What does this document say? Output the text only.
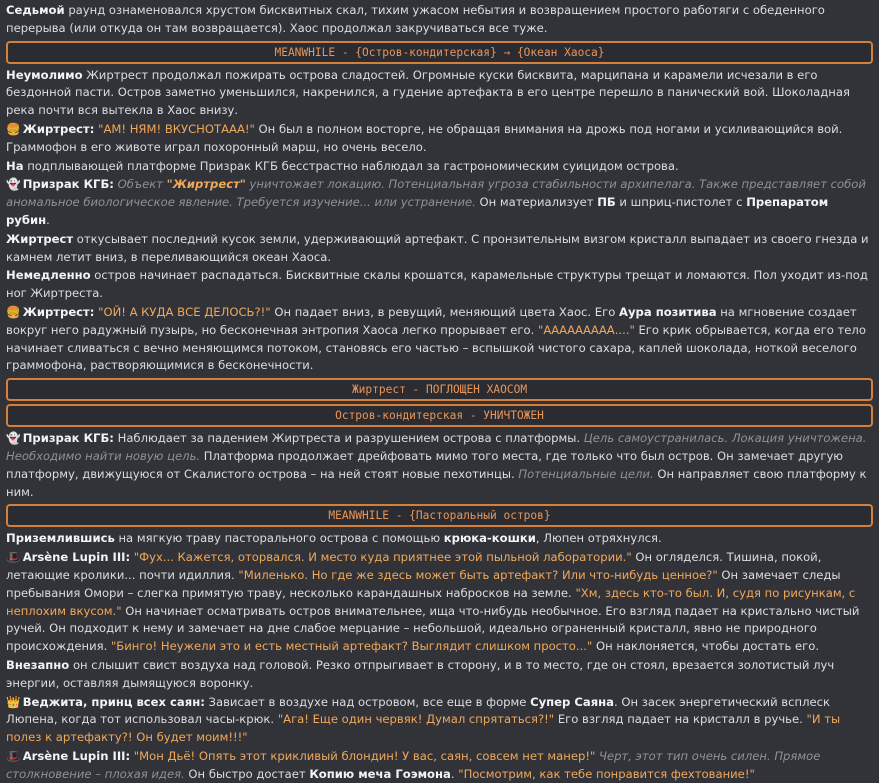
Седьмой раунд ознаменовался хрустом бисквитных скал, тихим ужасом небытия и возвращением простого работяги с обеденного перерыва (или откуда он там возвращается). Хаос продолжал закручиваться все туже.

MEANWHILE - {Остров-кондитерская} → {Океан Хаоса}

Неумолимо Жиртрест продолжал пожирать острова сладостей. Огромные куски бисквита, марципана и карамели исчезали в его бездонной пасти. Остров заметно уменьшился, накренился, а гудение артефакта в его центре перешло в панический вой. Шоколадная река почти вся вытекла в Хаос внизу.

🍔 Жиртрест: "АМ! НЯМ! ВКУСНОТААА!" Он был в полном восторге, не обращая внимания на дрожь под ногами и усиливающийся вой. Граммофон в его животе играл похоронный марш, но очень весело.

На подплывающей платформе Призрак КГБ бесстрастно наблюдал за гастрономическим суицидом острова.

👻 Призрак КГБ: Объект "Жиртрест" уничтожает локацию. Потенциальная угроза стабильности архипелага. Также представляет собой аномальное биологическое явление. Требуется изучение... или устранение. Он материализует ПБ и шприц-пистолет с Препаратом рубин.

Жиртрест откусывает последний кусок земли, удерживающий артефакт. С пронзительным визгом кристалл выпадает из своего гнезда и камнем летит вниз, в переливающийся океан Хаоса.

Немедленно остров начинает распадаться. Бисквитные скалы крошатся, карамельные структуры трещат и ломаются. Пол уходит из-под ног Жиртреста.

🍔 Жиртрест: "ОЙ! А КУДА ВСЕ ДЕЛОСЬ?!" Он падает вниз, в ревущий, меняющий цвета Хаос. Его Аура позитива на мгновение создает вокруг него радужный пузырь, но бесконечная энтропия Хаоса легко прорывает его. "ААААААААА...." Его крик обрывается, когда его тело начинает сливаться с вечно меняющимся потоком, становясь его частью – вспышкой чистого сахара, каплей шоколада, ноткой веселого граммофона, растворяющимися в бесконечности.

Жиртрест - ПОГЛОЩЕН ХАОСОМ
Остров-кондитерская - УНИЧТОЖЕН

👻 Призрак КГБ: Наблюдает за падением Жиртреста и разрушением острова с платформы. Цель самоустранилась. Локация уничтожена. Необходимо найти новую цель. Платформа продолжает дрейфовать мимо того места, где только что был остров. Он замечает другую платформу, движущуюся от Скалистого острова – на ней стоят новые пехотинцы. Потенциальные цели. Он направляет свою платформу к ним.

MEANWHILE - {Пасторальный остров}

Приземлившись на мягкую траву пасторального острова с помощью крюка-кошки, Люпен отряхнулся.

🎩 Arsène Lupin III: "Фух... Кажется, оторвался. И место куда приятнее этой пыльной лаборатории." Он огляделся. Тишина, покой, летающие кролики... почти идиллия. "Миленько. Но где же здесь может быть артефакт? Или что-нибудь ценное?" Он замечает следы пребывания Омори – слегка примятую траву, несколько карандашных набросков на земле. "Хм, здесь кто-то был. И, судя по рисункам, с неплохим вкусом." Он начинает осматривать остров внимательнее, ища что-нибудь необычное. Его взгляд падает на кристально чистый ручей. Он подходит к нему и замечает на дне слабое мерцание – небольшой, идеально ограненный кристалл, явно не природного происхождения. "Бинго! Неужели это и есть местный артефакт? Выглядит слишком просто..." Он наклоняется, чтобы достать его.

Внезапно он слышит свист воздуха над головой. Резко отпрыгивает в сторону, и в то место, где он стоял, врезается золотистый луч энергии, оставляя дымящуюся воронку.

👑 Веджита, принц всех саян: Зависает в воздухе над островом, все еще в форме Супер Саяна. Он засек энергетический всплеск Люпена, когда тот использовал часы-крюк. "Ага! Еще один червяк! Думал спрятаться?!" Его взгляд падает на кристалл в ручье. "И ты полез к артефакту?! Он будет моим!!!"

🎩 Arsène Lupin III: "Мон Дьё! Опять этот крикливый блондин! У вас, саян, совсем нет манер!" Черт, этот тип очень силен. Прямое столкновение – плохая идея. Он быстро достает Копию меча Гоэмона. "Посмотрим, как тебе понравится фехтование!"
